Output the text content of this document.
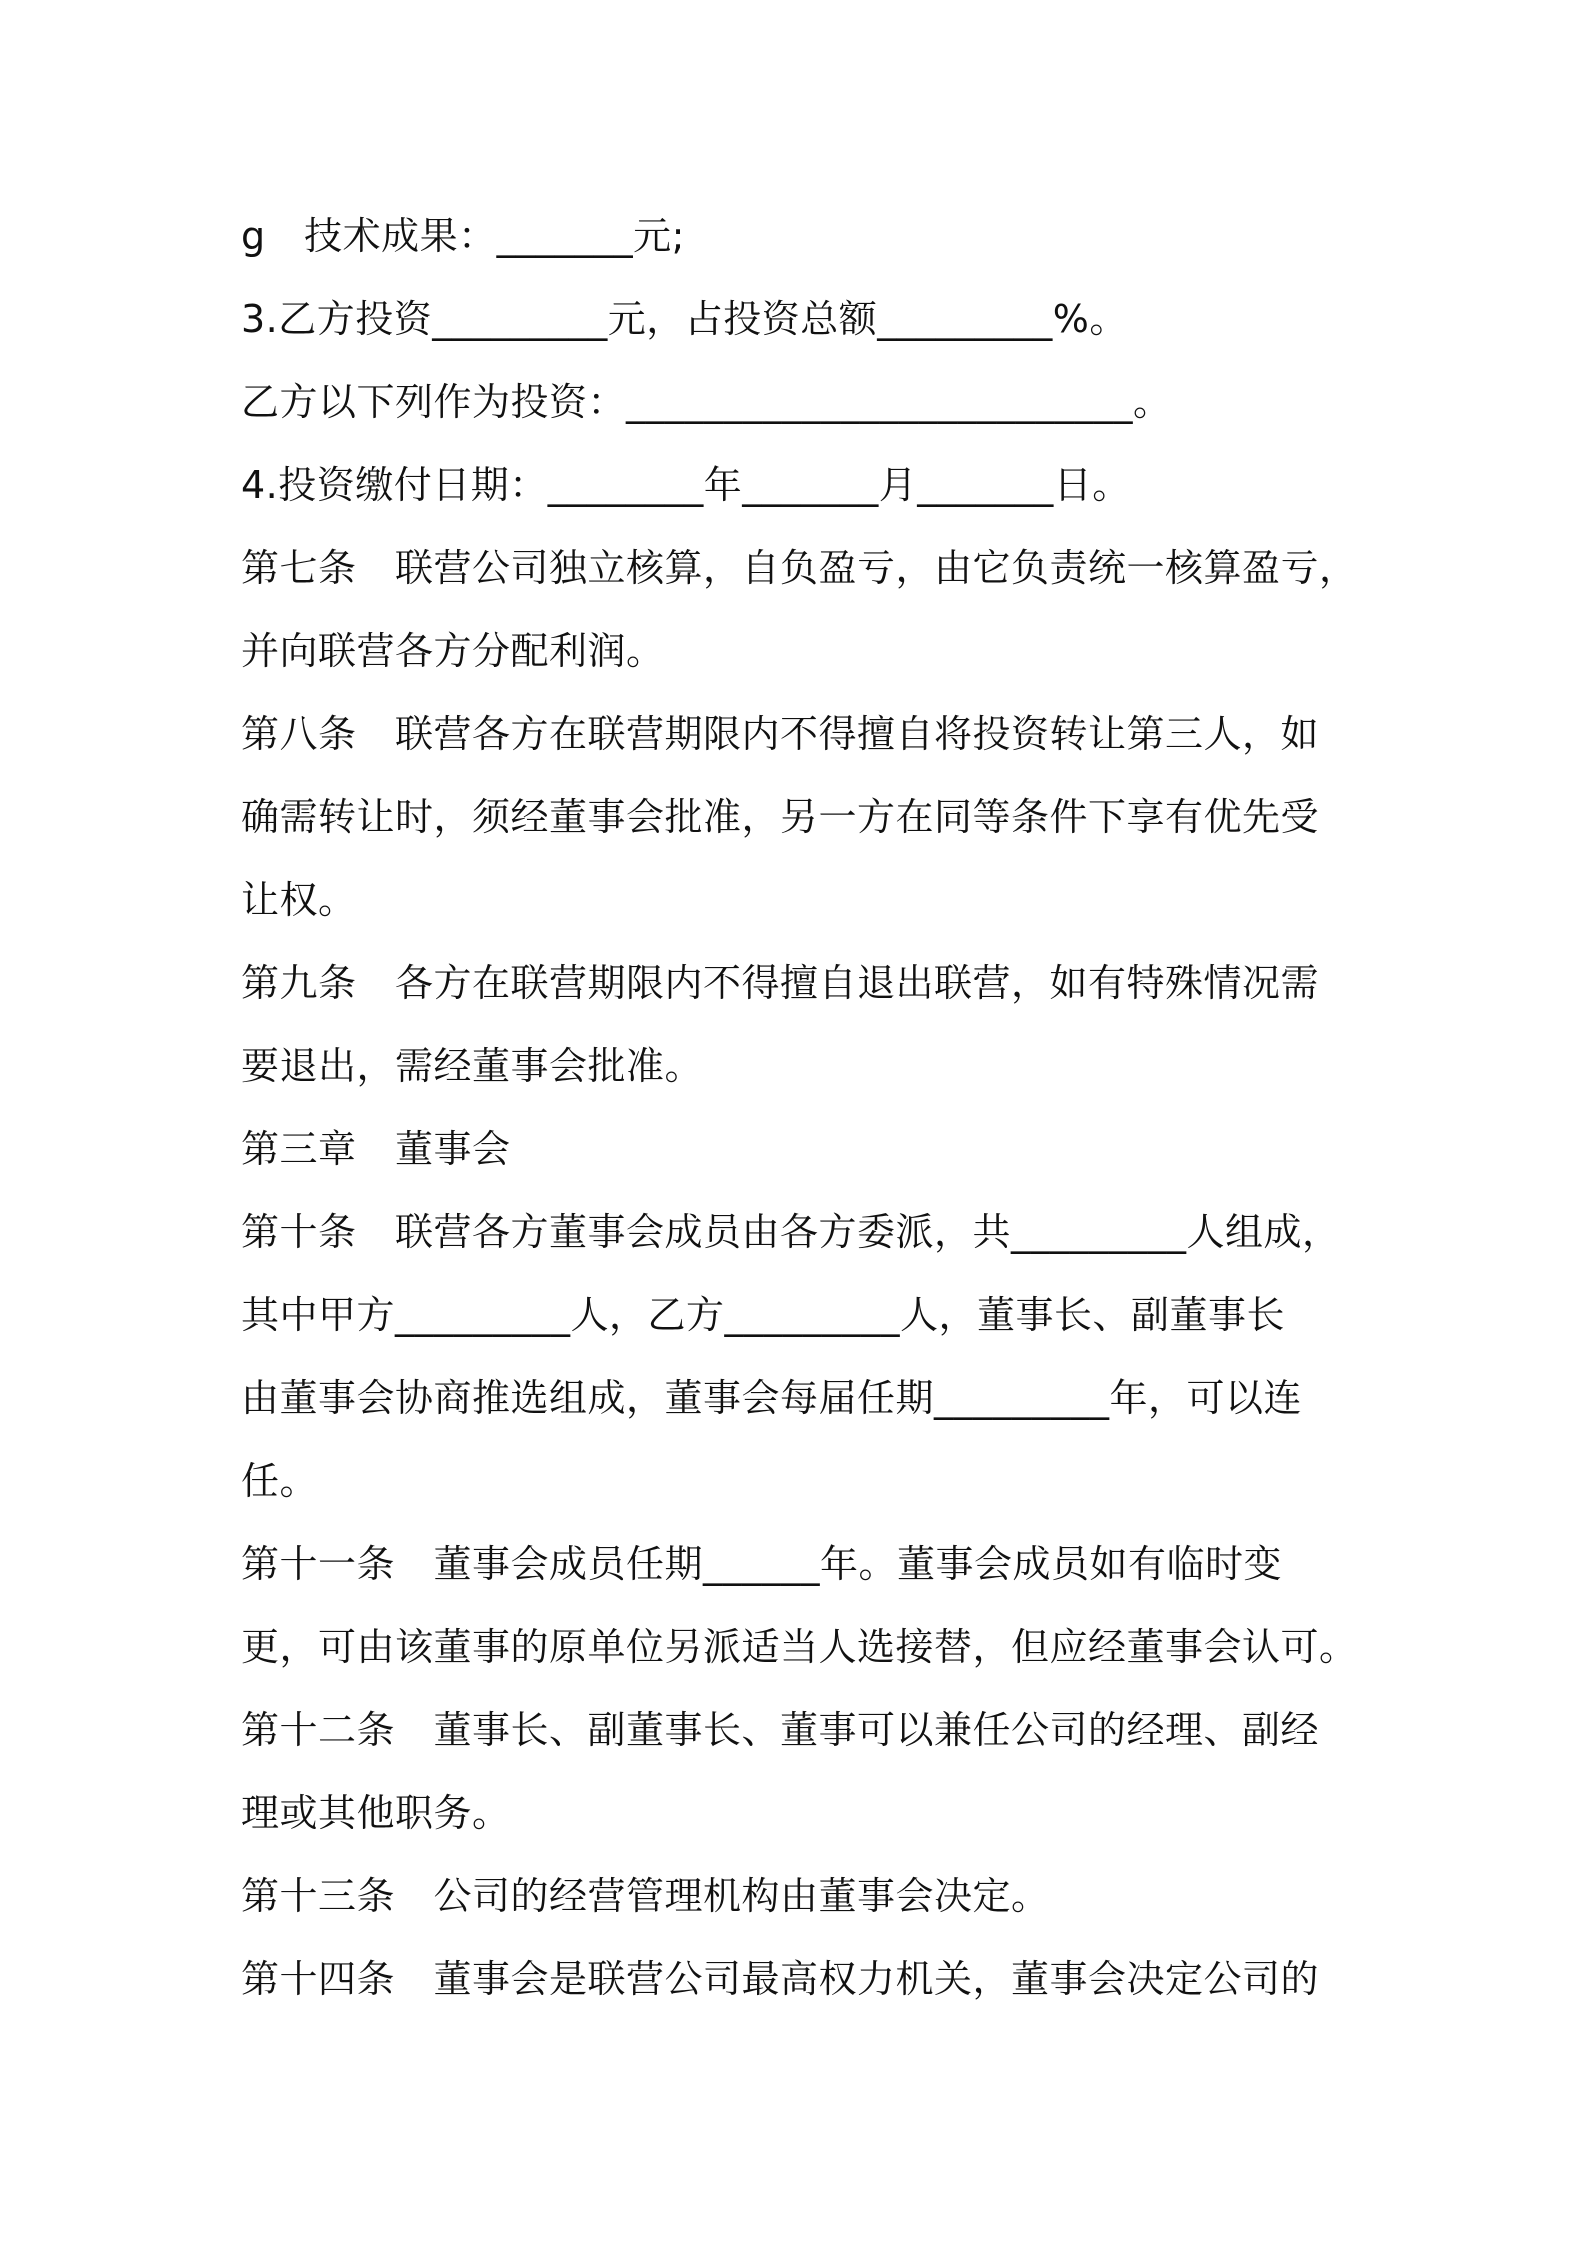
g　技术成果：_______元;
3.乙方投资_________元，占投资总额_________%。
乙方以下列作为投资：__________________________。
4.投资缴付日期：________年_______月_______日。
第七条　联营公司独立核算，自负盈亏，由它负责统一核算盈亏，
并向联营各方分配利润。
第八条　联营各方在联营期限内不得擅自将投资转让第三人，如
确需转让时，须经董事会批准，另一方在同等条件下享有优先受
让权。
第九条　各方在联营期限内不得擅自退出联营，如有特殊情况需
要退出，需经董事会批准。
第三章　董事会
第十条　联营各方董事会成员由各方委派，共_________人组成，
其中甲方_________人，乙方_________人，董事长、副董事长
由董事会协商推选组成，董事会每届任期_________年，可以连
任。
第十一条　董事会成员任期______年。董事会成员如有临时变
更，可由该董事的原单位另派适当人选接替，但应经董事会认可。
第十二条　董事长、副董事长、董事可以兼任公司的经理、副经
理或其他职务。
第十三条　公司的经营管理机构由董事会决定。
第十四条　董事会是联营公司最高权力机关，董事会决定公司的
